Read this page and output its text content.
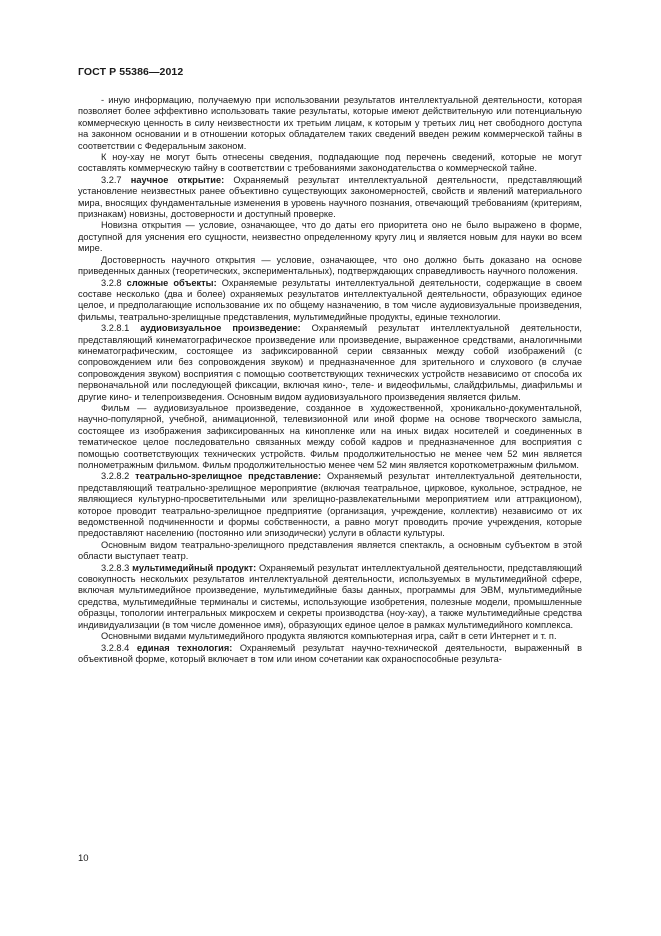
ГОСТ Р 55386—2012

- иную информацию, получаемую при использовании результатов интеллектуальной деятельности, которая позволяет более эффективно использовать такие результаты, которые имеют действительную или потенциальную коммерческую ценность в силу неизвестности их третьим лицам, к которым у третьих лиц нет свободного доступа на законном основании и в отношении которых обладателем таких сведений введен режим коммерческой тайны в соответствии с Федеральным законом.

К ноу-хау не могут быть отнесены сведения, подпадающие под перечень сведений, которые не могут составлять коммерческую тайну в соответствии с требованиями законодательства о коммерческой тайне.

3.2.7 научное открытие: Охраняемый результат интеллектуальной деятельности, представляющий установление неизвестных ранее объективно существующих закономерностей, свойств и явлений материального мира, вносящих фундаментальные изменения в уровень научного познания, отвечающий требованиям (критериям, признакам) новизны, достоверности и доступный проверке.

Новизна открытия — условие, означающее, что до даты его приоритета оно не было выражено в форме, доступной для уяснения его сущности, неизвестно определенному кругу лиц и является новым для науки во всем мире.

Достоверность научного открытия — условие, означающее, что оно должно быть доказано на основе приведенных данных (теоретических, экспериментальных), подтверждающих справедливость научного положения.

3.2.8 сложные объекты: Охраняемые результаты интеллектуальной деятельности, содержащие в своем составе несколько (два и более) охраняемых результатов интеллектуальной деятельности, образующих единое целое, и предполагающие использование их по общему назначению, в том числе аудиовизуальные произведения, фильмы, театрально-зрелищные представления, мультимедийные продукты, единые технологии.

3.2.8.1 аудиовизуальное произведение: Охраняемый результат интеллектуальной деятельности, представляющий кинематографическое произведение или произведение, выраженное средствами, аналогичными кинематографическим, состоящее из зафиксированной серии связанных между собой изображений (с сопровождением или без сопровождения звуком) и предназначенное для зрительного и слухового (в случае сопровождения звуком) восприятия с помощью соответствующих технических устройств независимо от способа их первоначальной или последующей фиксации, включая кино-, теле- и видеофильмы, слайдфильмы, диафильмы и другие кино- и телепроизведения. Основным видом аудиовизуального произведения является фильм.

Фильм — аудиовизуальное произведение, созданное в художественной, хроникально-документальной, научно-популярной, учебной, анимационной, телевизионной или иной форме на основе творческого замысла, состоящее из изображения зафиксированных на кинопленке или на иных видах носителей и соединенных в тематическое целое последовательно связанных между собой кадров и предназначенное для восприятия с помощью соответствующих технических устройств. Фильм продолжительностью не менее чем 52 мин является полнометражным фильмом. Фильм продолжительностью менее чем 52 мин является короткометражным фильмом.

3.2.8.2 театрально-зрелищное представление: Охраняемый результат интеллектуальной деятельности, представляющий театрально-зрелищное мероприятие (включая театральное, цирковое, кукольное, эстрадное, не являющиеся культурно-просветительными или зрелищно-развлекательными мероприятием или аттракционом), которое проводит театрально-зрелищное предприятие (организация, учреждение, коллектив) независимо от их ведомственной подчиненности и формы собственности, а равно могут проводить прочие учреждения, которые предоставляют населению (постоянно или эпизодически) услуги в области культуры.

Основным видом театрально-зрелищного представления является спектакль, а основным субъектом в этой области выступает театр.

3.2.8.3 мультимедийный продукт: Охраняемый результат интеллектуальной деятельности, представляющий совокупность нескольких результатов интеллектуальной деятельности, используемых в мультимедийной сфере, включая мультимедийное произведение, мультимедийные базы данных, программы для ЭВМ, мультимедийные средства, мультимедийные терминалы и системы, использующие изобретения, полезные модели, промышленные образцы, топологии интегральных микросхем и секреты производства (ноу-хау), а также мультимедийные средства индивидуализации (в том числе доменное имя), образующих единое целое в рамках мультимедийного комплекса.

Основными видами мультимедийного продукта являются компьютерная игра, сайт в сети Интернет и т. п.

3.2.8.4 единая технология: Охраняемый результат научно-технической деятельности, выраженный в объективной форме, который включает в том или ином сочетании как охраноспособные результа-

10
